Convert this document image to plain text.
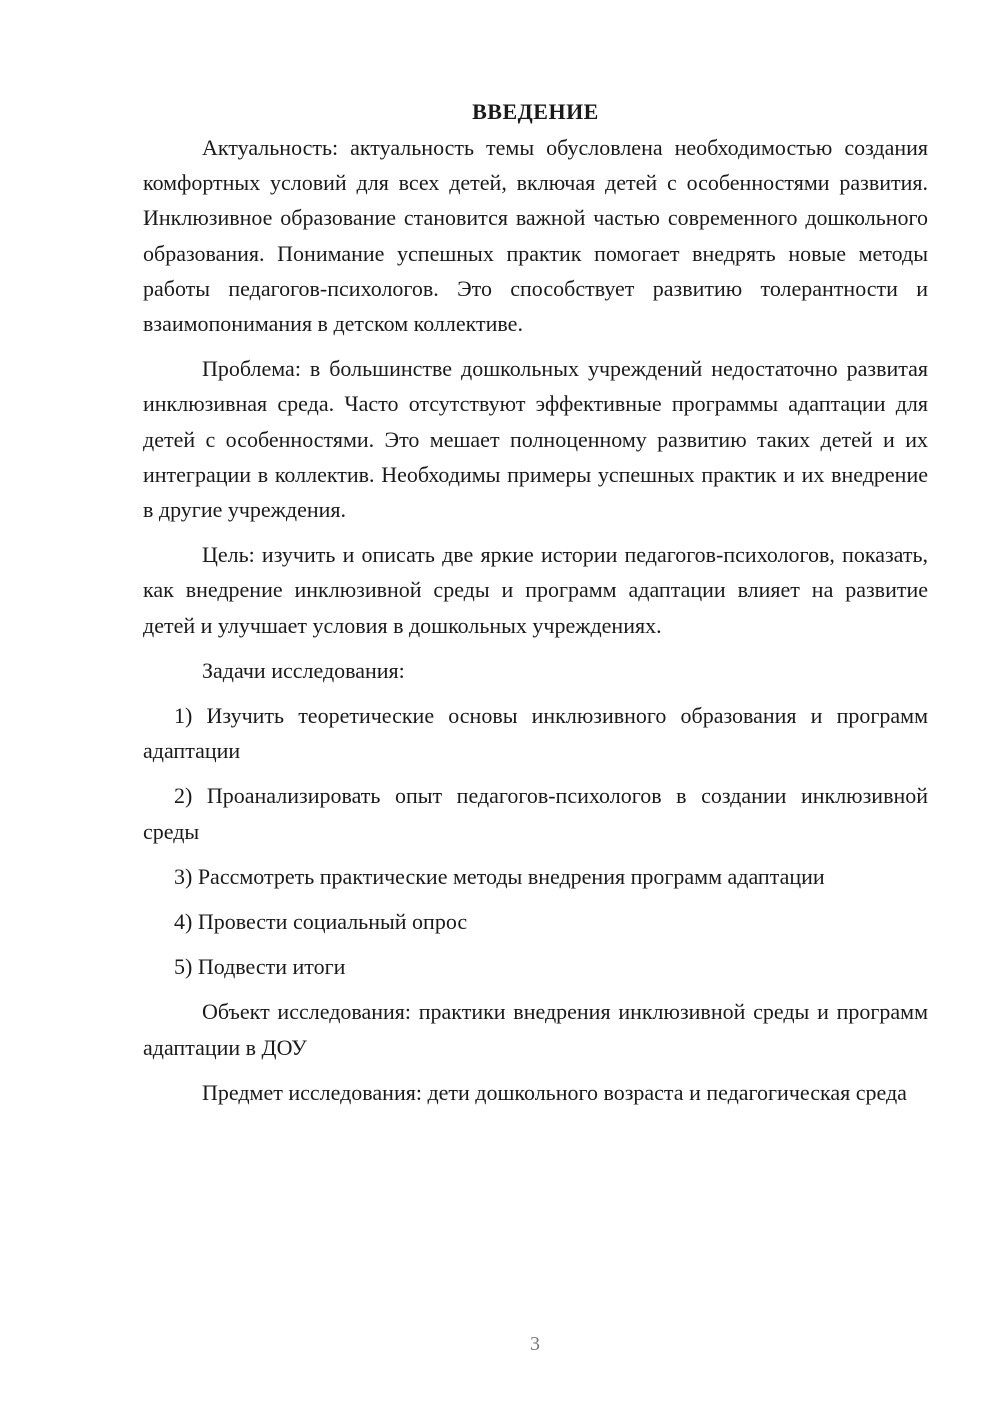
ВВЕДЕНИЕ

Актуальность: актуальность темы обусловлена необходимостью создания комфортных условий для всех детей, включая детей с особенностями развития. Инклюзивное образование становится важной частью современного дошкольного образования. Понимание успешных практик помогает внедрять новые методы работы педагогов-психологов. Это способствует развитию толерантности и взаимопонимания в детском коллективе.

Проблема: в большинстве дошкольных учреждений недостаточно развитая инклюзивная среда. Часто отсутствуют эффективные программы адаптации для детей с особенностями. Это мешает полноценному развитию таких детей и их интеграции в коллектив. Необходимы примеры успешных практик и их внедрение в другие учреждения.

Цель: изучить и описать две яркие истории педагогов-психологов, показать, как внедрение инклюзивной среды и программ адаптации влияет на развитие детей и улучшает условия в дошкольных учреждениях.

Задачи исследования:

1) Изучить теоретические основы инклюзивного образования и программ адаптации

2) Проанализировать опыт педагогов-психологов в создании инклюзивной среды

3) Рассмотреть практические методы внедрения программ адаптации

4) Провести социальный опрос

5) Подвести итоги

Объект исследования: практики внедрения инклюзивной среды и программ адаптации в ДОУ

Предмет исследования: дети дошкольного возраста и педагогическая среда

3
